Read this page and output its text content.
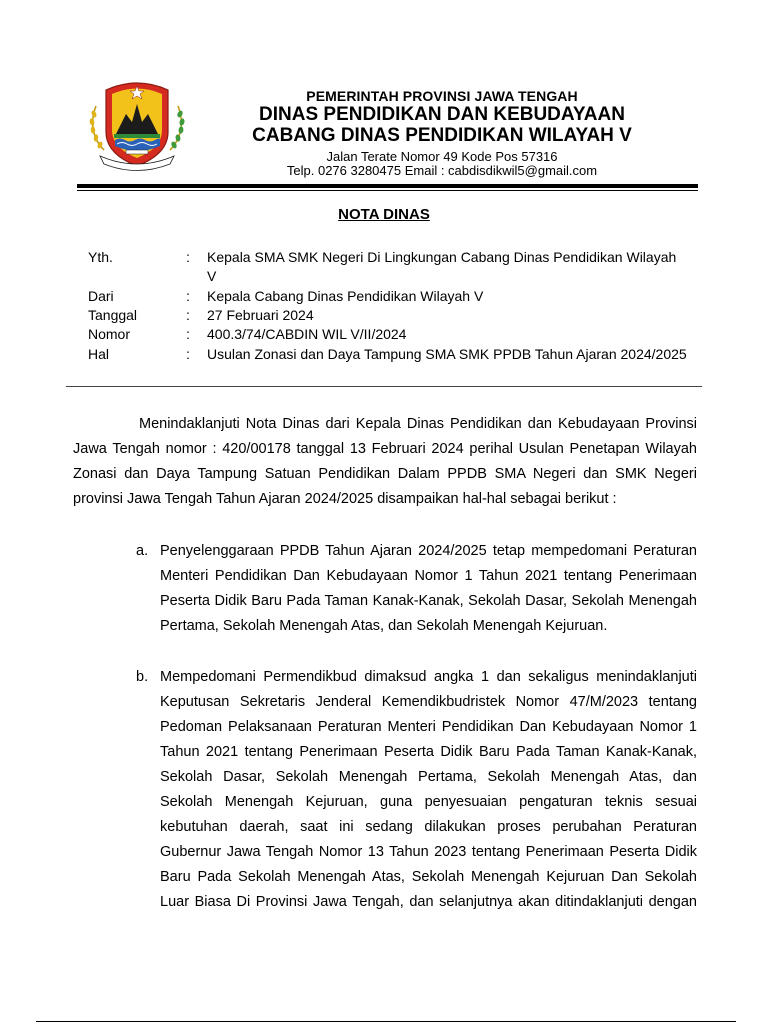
PEMERINTAH PROVINSI JAWA TENGAH
DINAS PENDIDIKAN DAN KEBUDAYAAN
CABANG DINAS PENDIDIKAN WILAYAH V
Jalan Terate Nomor 49 Kode Pos 57316
Telp. 0276 3280475 Email : cabdisdikwil5@gmail.com
NOTA DINAS
Yth.	: Kepala SMA SMK Negeri Di Lingkungan Cabang Dinas Pendidikan Wilayah V
Dari	: Kepala Cabang Dinas Pendidikan Wilayah V
Tanggal	: 27 Februari 2024
Nomor	: 400.3/74/CABDIN WIL V/II/2024
Hal	: Usulan Zonasi dan Daya Tampung SMA SMK PPDB Tahun Ajaran 2024/2025
Menindaklanjuti Nota Dinas dari Kepala Dinas Pendidikan dan Kebudayaan Provinsi Jawa Tengah nomor : 420/00178 tanggal 13 Februari 2024 perihal Usulan Penetapan Wilayah Zonasi dan Daya Tampung Satuan Pendidikan Dalam PPDB SMA Negeri dan SMK Negeri provinsi Jawa Tengah Tahun Ajaran 2024/2025 disampaikan hal-hal sebagai berikut :
a. Penyelenggaraan PPDB Tahun Ajaran 2024/2025 tetap mempedomani Peraturan Menteri Pendidikan Dan Kebudayaan Nomor 1 Tahun 2021 tentang Penerimaan Peserta Didik Baru Pada Taman Kanak-Kanak, Sekolah Dasar, Sekolah Menengah Pertama, Sekolah Menengah Atas, dan Sekolah Menengah Kejuruan.
b. Mempedomani Permendikbud dimaksud angka 1 dan sekaligus menindaklanjuti Keputusan Sekretaris Jenderal Kemendikbudristek Nomor 47/M/2023 tentang Pedoman Pelaksanaan Peraturan Menteri Pendidikan Dan Kebudayaan Nomor 1 Tahun 2021 tentang Penerimaan Peserta Didik Baru Pada Taman Kanak-Kanak, Sekolah Dasar, Sekolah Menengah Pertama, Sekolah Menengah Atas, dan Sekolah Menengah Kejuruan, guna penyesuaian pengaturan teknis sesuai kebutuhan daerah, saat ini sedang dilakukan proses perubahan Peraturan Gubernur Jawa Tengah Nomor 13 Tahun 2023 tentang Penerimaan Peserta Didik Baru Pada Sekolah Menengah Atas, Sekolah Menengah Kejuruan Dan Sekolah Luar Biasa Di Provinsi Jawa Tengah, dan selanjutnya akan ditindaklanjuti dengan
